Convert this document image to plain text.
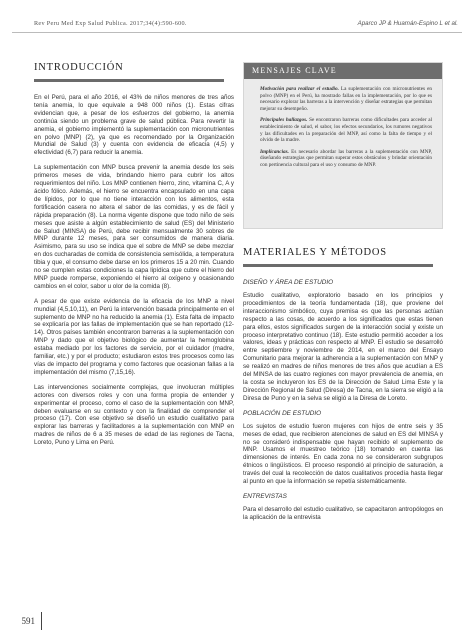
Rev Peru Med Exp Salud Publica. 2017;34(4):590-600.	Aparco JP & Huamán-Espino L et al.
INTRODUCCIÓN

En el Perú, para el año 2016, el 43% de niños menores de tres años tenía anemia, lo que equivale a 948 000 niños (1). Estas cifras evidencian que, a pesar de los esfuerzos del gobierno, la anemia continúa siendo un problema grave de salud pública. Para revertir la anemia, el gobierno implementó la suplementación con micronutrientes en polvo (MNP) (2), ya que es recomendado por la Organización Mundial de Salud (3) y cuenta con evidencia de eficacia (4,5) y efectividad (6,7) para reducir la anemia.

La suplementación con MNP busca prevenir la anemia desde los seis primeros meses de vida, brindando hierro para cubrir los altos requerimientos del niño. Los MNP contienen hierro, zinc, vitamina C, A y ácido fólico. Además, el hierro se encuentra encapsulado en una capa de lípidos, por lo que no tiene interacción con los alimentos, esta fortificación casera no altera el sabor de las comidas, y es de fácil y rápida preparación (8). La norma vigente dispone que todo niño de seis meses que asiste a algún establecimiento de salud (ES) del Ministerio de Salud (MINSA) de Perú, debe recibir mensualmente 30 sobres de MNP durante 12 meses, para ser consumidos de manera diaria. Asimismo, para su uso se indica que el sobre de MNP se debe mezclar en dos cucharadas de comida de consistencia semisólida, a temperatura tibia y que, el consumo debe darse en los primeros 15 a 20 min. Cuando no se cumplen estas condiciones la capa lipídica que cubre el hierro del MNP puede romperse, exponiendo el hierro al oxígeno y ocasionando cambios en el color, sabor u olor de la comida (8).

A pesar de que existe evidencia de la eficacia de los MNP a nivel mundial (4,5,10,11), en Perú la intervención basada principalmente en el suplemento de MNP no ha reducido la anemia (1). Esta falta de impacto se explicaría por las fallas de implementación que se han reportado (12-14). Otros países también encontraron barreras a la suplementación con MNP y dado que el objetivo biológico de aumentar la hemoglobina estaba mediado por los factores de servicio, por el cuidador (madre, familiar, etc.) y por el producto; estudiaron estos tres procesos como las vías de impacto del programa y como factores que ocasionan fallas a la implementación del mismo (7,15,16).

Las intervenciones socialmente complejas, que involucran múltiples actores con diversos roles y con una forma propia de entender y experimentar el proceso, como el caso de la suplementación con MNP, deben evaluarse en su contexto y con la finalidad de comprender el proceso (17). Con ese objetivo se diseñó un estudio cualitativo para explorar las barreras y facilitadores a la suplementación con MNP en madres de niños de 6 a 35 meses de edad de las regiones de Tacna, Loreto, Puno y Lima en Perú.

MENSAJES CLAVE

Motivación para realizar el estudio. La suplementación con micronutrientes en polvo (MNP) en el Perú, ha mostrado fallas en la implementación, por lo que es necesario explorar las barreras a la intervención y diseñar estrategias que permitan mejorar su desempeño.

Principales hallazgos. Se encontraron barreras como dificultades para acceder al establecimiento de salud, el sabor, los efectos secundarios, los rumores negativos y las dificultades en la preparación del MNP, así como la falta de tiempo y el olvido de la madre.

Implicancias. Es necesario abordar las barreras a la suplementación con MNP, diseñando estrategias que permitan superar estos obstáculos y brindar orientación con pertinencia cultural para el uso y consumo de MNP.

MATERIALES Y MÉTODOS
DISEÑO Y ÁREA DE ESTUDIO

Estudio cualitativo, exploratorio basado en los principios y procedimientos de la teoría fundamentada (18), que proviene del interaccionismo simbólico, cuya premisa es que las personas actúan respecto a las cosas, de acuerdo a los significados que estas tienen para ellos, estos significados surgen de la interacción social y existe un proceso interpretativo continuo (18). Este estudio permitió acceder a los valores, ideas y prácticas con respecto al MNP. El estudio se desarrolló entre septiembre y noviembre de 2014, en el marco del Ensayo Comunitario para mejorar la adherencia a la suplementación con MNP y se realizó en madres de niños menores de tres años que acudían a ES del MINSA de las cuatro regiones con mayor prevalencia de anemia, en la costa se incluyeron los ES de la Dirección de Salud Lima Este y la Dirección Regional de Salud (Diresa) de Tacna, en la sierra se eligió a la Diresa de Puno y en la selva se eligió a la Diresa de Loreto.

POBLACIÓN DE ESTUDIO

Los sujetos de estudio fueron mujeres con hijos de entre seis y 35 meses de edad, que recibieron atenciones de salud en ES del MINSA y no se consideró indispensable que hayan recibido el suplemento de MNP. Usamos el muestreo teórico (18) tomando en cuenta las dimensiones de interés. En cada zona no se consideraron subgrupos étnicos o lingüísticos. El proceso respondió al principio de saturación, a través del cual la recolección de datos cualitativos procedía hasta llegar al punto en que la información se repetía sistemáticamente.

ENTREVISTAS

Para el desarrollo del estudio cualitativo, se capacitaron antropólogos en la aplicación de la entrevista

591
